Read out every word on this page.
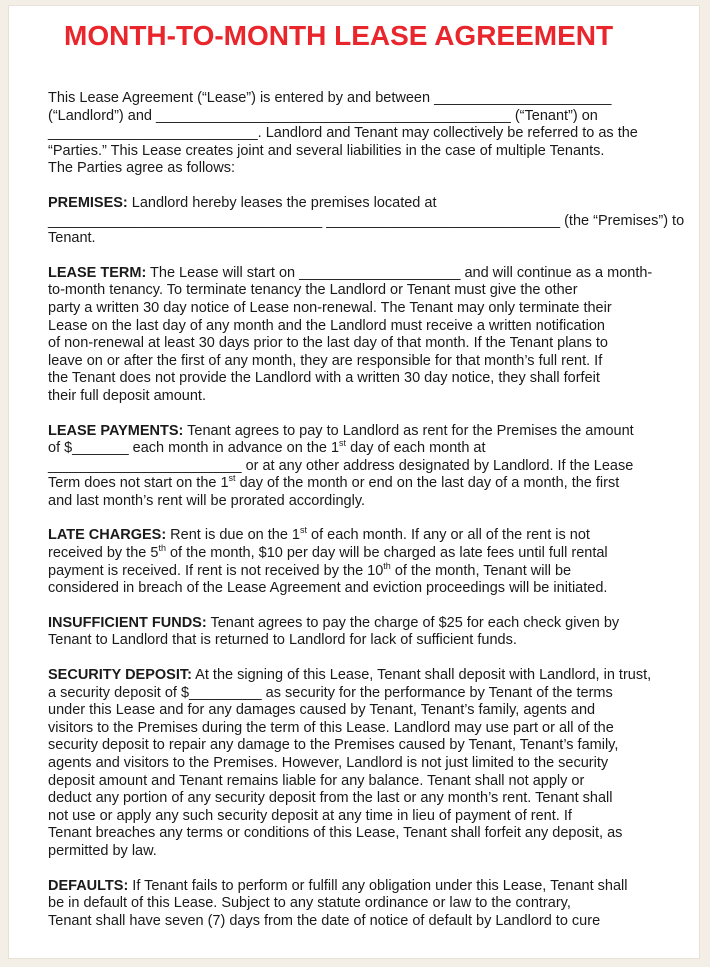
MONTH-TO-MONTH LEASE AGREEMENT
This Lease Agreement (“Lease”) is entered by and between ______________________
(“Landlord”) and ____________________________________________ (“Tenant”) on
__________________________. Landlord and Tenant may collectively be referred to as the
“Parties.” This Lease creates joint and several liabilities in the case of multiple Tenants.
The Parties agree as follows:
PREMISES: Landlord hereby leases the premises located at
__________________________________ _____________________________ (the “Premises”) to
Tenant.
LEASE TERM: The Lease will start on ____________________ and will continue as a month-
to-month tenancy. To terminate tenancy the Landlord or Tenant must give the other
party a written 30 day notice of Lease non-renewal. The Tenant may only terminate their
Lease on the last day of any month and the Landlord must receive a written notification
of non-renewal at least 30 days prior to the last day of that month. If the Tenant plans to
leave on or after the first of any month, they are responsible for that month’s full rent. If
the Tenant does not provide the Landlord with a written 30 day notice, they shall forfeit
their full deposit amount.
LEASE PAYMENTS: Tenant agrees to pay to Landlord as rent for the Premises the amount
of $_______ each month in advance on the 1st day of each month at
________________________ or at any other address designated by Landlord. If the Lease
Term does not start on the 1st day of the month or end on the last day of a month, the first
and last month’s rent will be prorated accordingly.
LATE CHARGES: Rent is due on the 1st of each month. If any or all of the rent is not
received by the 5th of the month, $10 per day will be charged as late fees until full rental
payment is received. If rent is not received by the 10th of the month, Tenant will be
considered in breach of the Lease Agreement and eviction proceedings will be initiated.
INSUFFICIENT FUNDS: Tenant agrees to pay the charge of $25 for each check given by
Tenant to Landlord that is returned to Landlord for lack of sufficient funds.
SECURITY DEPOSIT: At the signing of this Lease, Tenant shall deposit with Landlord, in trust,
a security deposit of $_________ as security for the performance by Tenant of the terms
under this Lease and for any damages caused by Tenant, Tenant’s family, agents and
visitors to the Premises during the term of this Lease. Landlord may use part or all of the
security deposit to repair any damage to the Premises caused by Tenant, Tenant’s family,
agents and visitors to the Premises. However, Landlord is not just limited to the security
deposit amount and Tenant remains liable for any balance. Tenant shall not apply or
deduct any portion of any security deposit from the last or any month’s rent. Tenant shall
not use or apply any such security deposit at any time in lieu of payment of rent. If
Tenant breaches any terms or conditions of this Lease, Tenant shall forfeit any deposit, as
permitted by law.
DEFAULTS: If Tenant fails to perform or fulfill any obligation under this Lease, Tenant shall
be in default of this Lease. Subject to any statute ordinance or law to the contrary,
Tenant shall have seven (7) days from the date of notice of default by Landlord to cure
